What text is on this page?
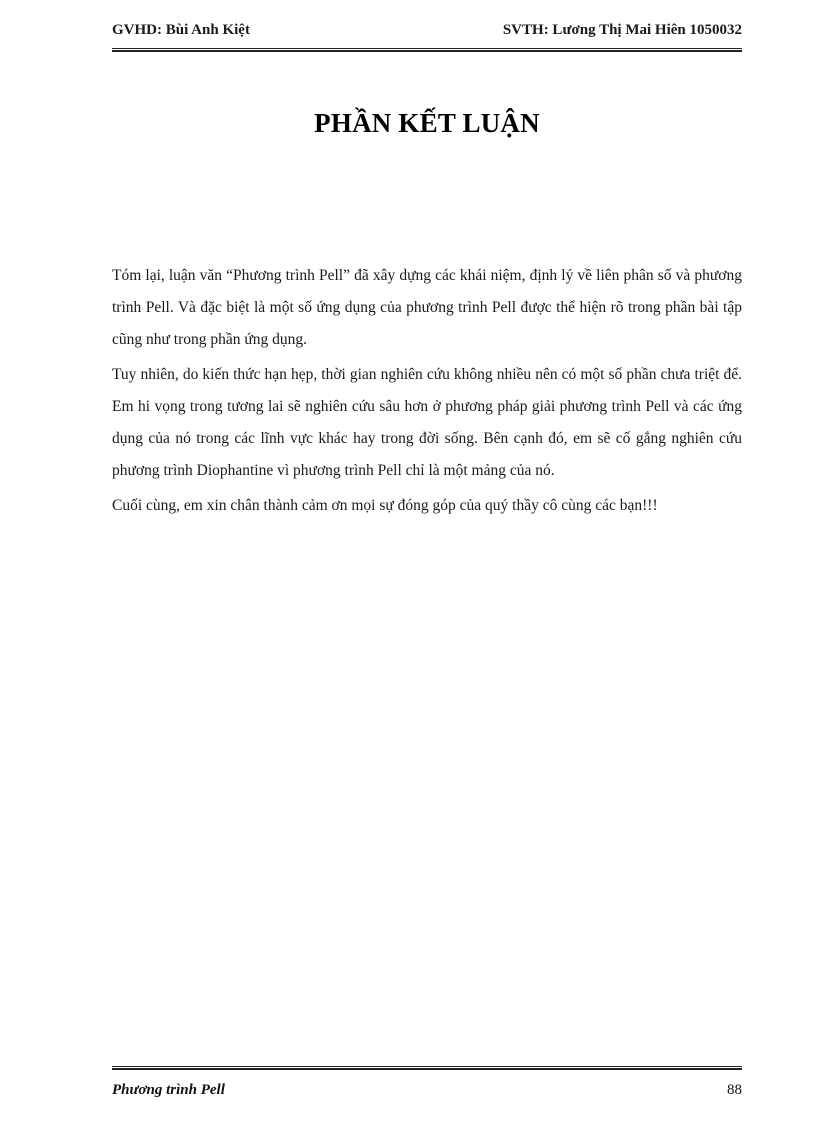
GVHD: Bùi Anh Kiệt	SVTH: Lương Thị Mai Hiên 1050032
PHẦN KẾT LUẬN

Tóm lại, luận văn “Phương trình Pell” đã xây dựng các khái niệm, định lý về liên phân số và phương trình Pell. Và đặc biệt là một số ứng dụng của phương trình Pell được thể hiện rõ trong phần bài tập cũng như trong phần ứng dụng.

Tuy nhiên, do kiến thức hạn hẹp, thời gian nghiên cứu không nhiều nên có một số phần chưa triệt để. Em hi vọng trong tương lai sẽ nghiên cứu sâu hơn ở phương pháp giải phương trình Pell và các ứng dụng của nó trong các lĩnh vực khác hay trong đời sống. Bên cạnh đó, em sẽ cố gắng nghiên cứu phương trình Diophantine vì phương trình Pell chỉ là một mảng của nó.

Cuối cùng, em xin chân thành cảm ơn mọi sự đóng góp của quý thầy cô cùng các bạn!!!

Phương trình Pell	88
